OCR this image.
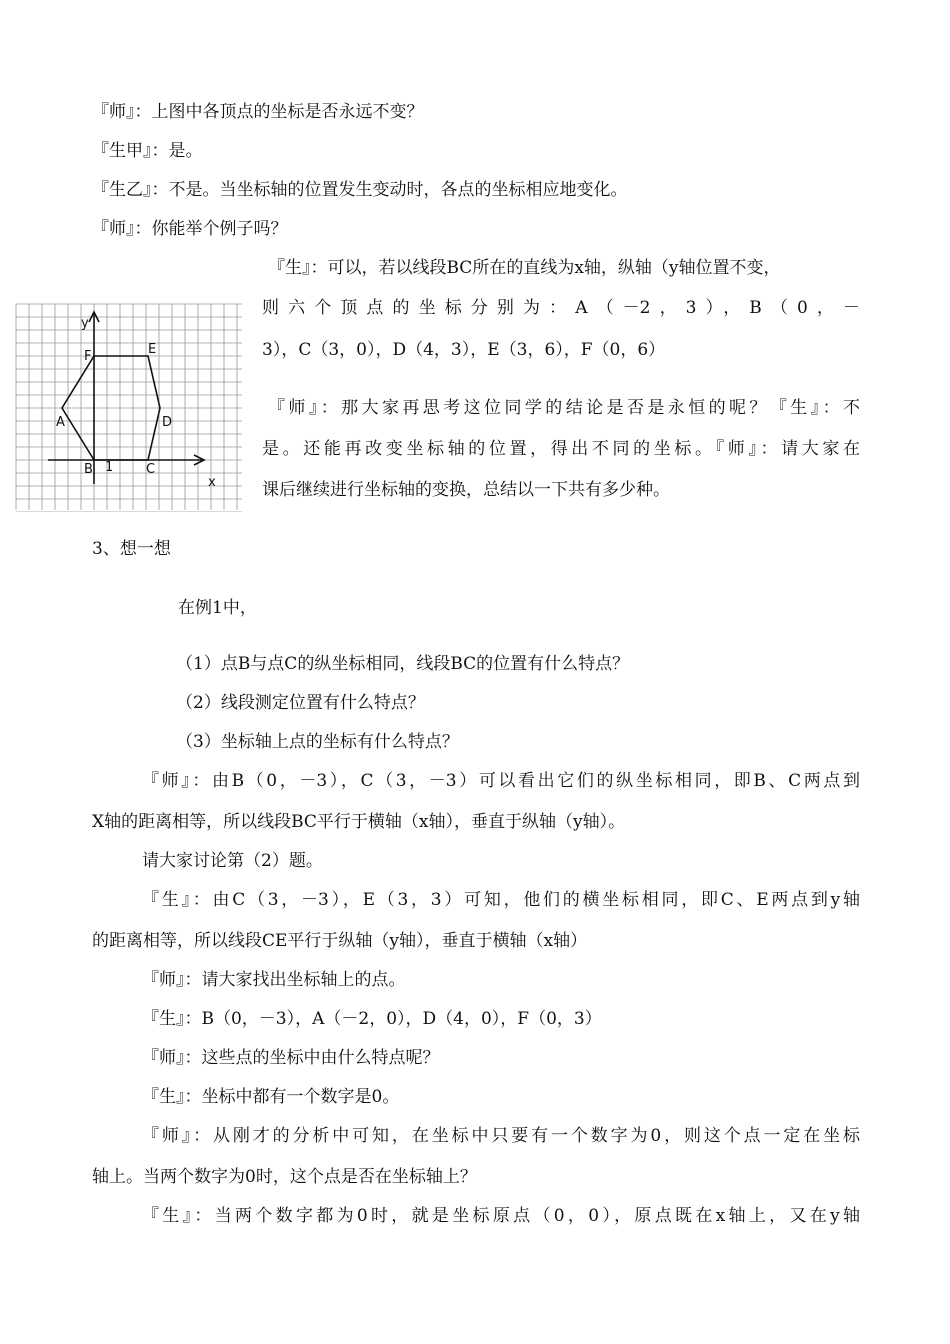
『师』：上图中各顶点的坐标是否永远不变？
『生甲』：是。
『生乙』：不是。当坐标轴的位置发生变动时，各点的坐标相应地变化。
『师』：你能举个例子吗？
y
x
A
B	C
D
E
F
1
『生』：可以，若以线段BC所在的直线为x轴，纵轴（y轴位置不变，
则六个顶点的坐标分别为：A（－2，3），B（0，－
3），C（3，0），D（4，3），E（3，6），F（0，6）
『师』：那大家再思考这位同学的结论是否是永恒的呢？『生』：不
是。还能再改变坐标轴的位置，得出不同的坐标。『师』：请大家在
课后继续进行坐标轴的变换，总结以一下共有多少种。
3、想一想
在例1中，
（1）点B与点C的纵坐标相同，线段BC的位置有什么特点？
（2）线段测定位置有什么特点？
（3）坐标轴上点的坐标有什么特点？
『师』：由B（0，－3），C（3，－3）可以看出它们的纵坐标相同，即B、C两点到
X轴的距离相等，所以线段BC平行于横轴（x轴），垂直于纵轴（y轴）。
请大家讨论第（2）题。
『生』：由C（3，－3），E（3，3）可知，他们的横坐标相同，即C、E两点到y轴
的距离相等，所以线段CE平行于纵轴（y轴），垂直于横轴（x轴）
『师』：请大家找出坐标轴上的点。
『生』：B（0，－3），A（－2，0），D（4，0），F（0，3）
『师』：这些点的坐标中由什么特点呢？
『生』：坐标中都有一个数字是0。
『师』：从刚才的分析中可知，在坐标中只要有一个数字为0，则这个点一定在坐标
轴上。当两个数字为0时，这个点是否在坐标轴上？
『生』：当两个数字都为0时，就是坐标原点（0，0），原点既在x轴上，又在y轴
